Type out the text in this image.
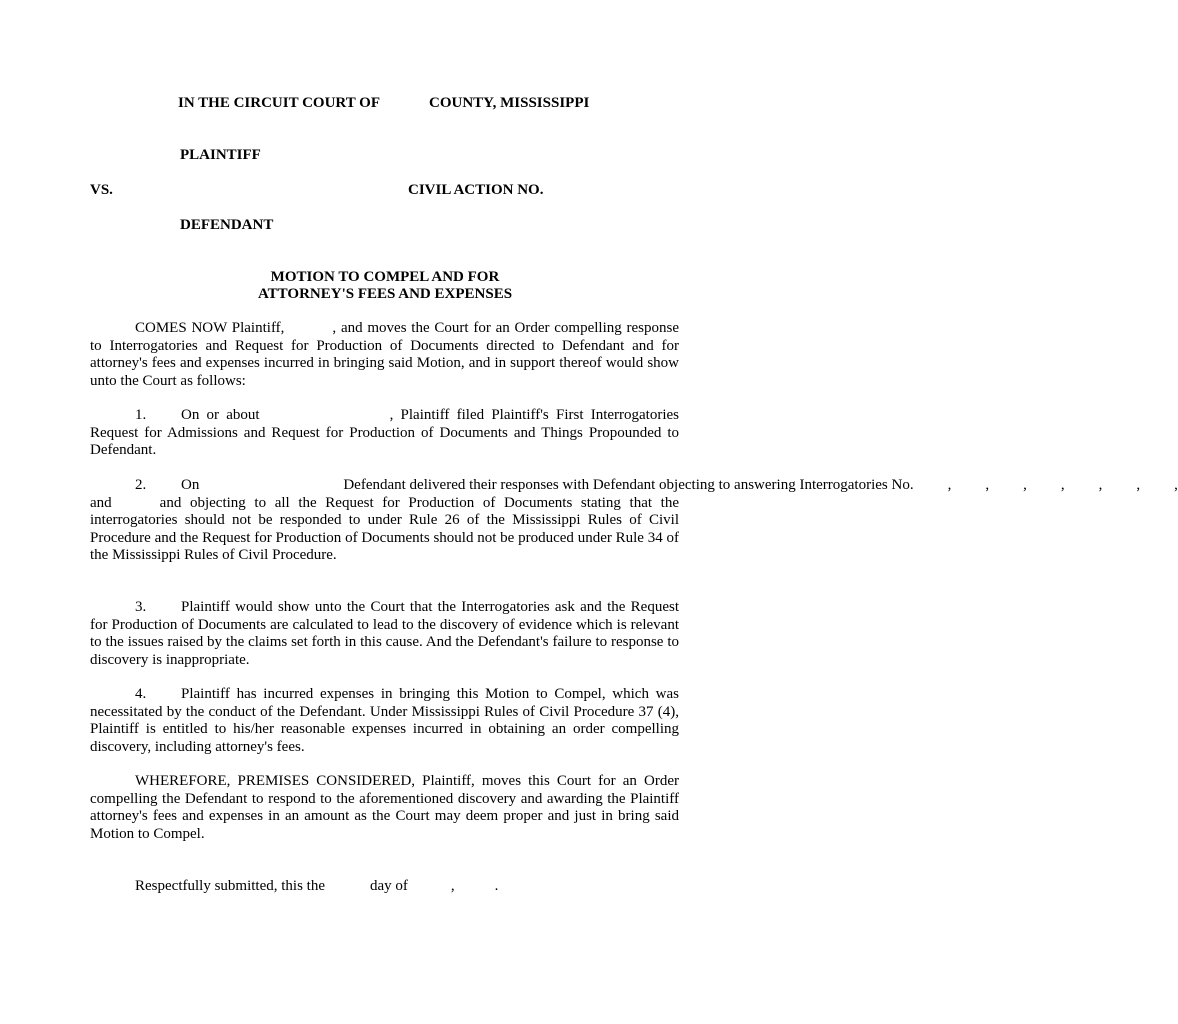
IN THE CIRCUIT COURT OF	COUNTY, MISSISSIPPI
PLAINTIFF
VS.	CIVIL ACTION NO.
DEFENDANT
MOTION TO COMPEL AND FOR
ATTORNEY'S FEES AND EXPENSES
COMES NOW Plaintiff,	, and moves the Court for an Order compelling response to Interrogatories and Request for Production of Documents directed to Defendant and for attorney's fees and expenses incurred in bringing said Motion, and in support thereof would show unto the Court as follows:
1. On or about	, Plaintiff filed Plaintiff's First Interrogatories Request for Admissions and Request for Production of Documents and Things Propounded to Defendant.
2. On	Defendant delivered their responses with Defendant objecting to answering Interrogatories No. , , , , , , ,
and	and objecting to all the Request for Production of Documents stating that the interrogatories should not be responded to under Rule 26 of the Mississippi Rules of Civil Procedure and the Request for Production of Documents should not be produced under Rule 34 of the Mississippi Rules of Civil Procedure.
3. Plaintiff would show unto the Court that the Interrogatories ask and the Request for Production of Documents are calculated to lead to the discovery of evidence which is relevant to the issues raised by the claims set forth in this cause. And the Defendant's failure to response to discovery is inappropriate.
4. Plaintiff has incurred expenses in bringing this Motion to Compel, which was necessitated by the conduct of the Defendant. Under Mississippi Rules of Civil Procedure 37 (4), Plaintiff is entitled to his/her reasonable expenses incurred in obtaining an order compelling discovery, including attorney's fees.
WHEREFORE, PREMISES CONSIDERED, Plaintiff, moves this Court for an Order compelling the Defendant to respond to the aforementioned discovery and awarding the Plaintiff attorney's fees and expenses in an amount as the Court may deem proper and just in bring said Motion to Compel.
Respectfully submitted, this the	day of	,	.
